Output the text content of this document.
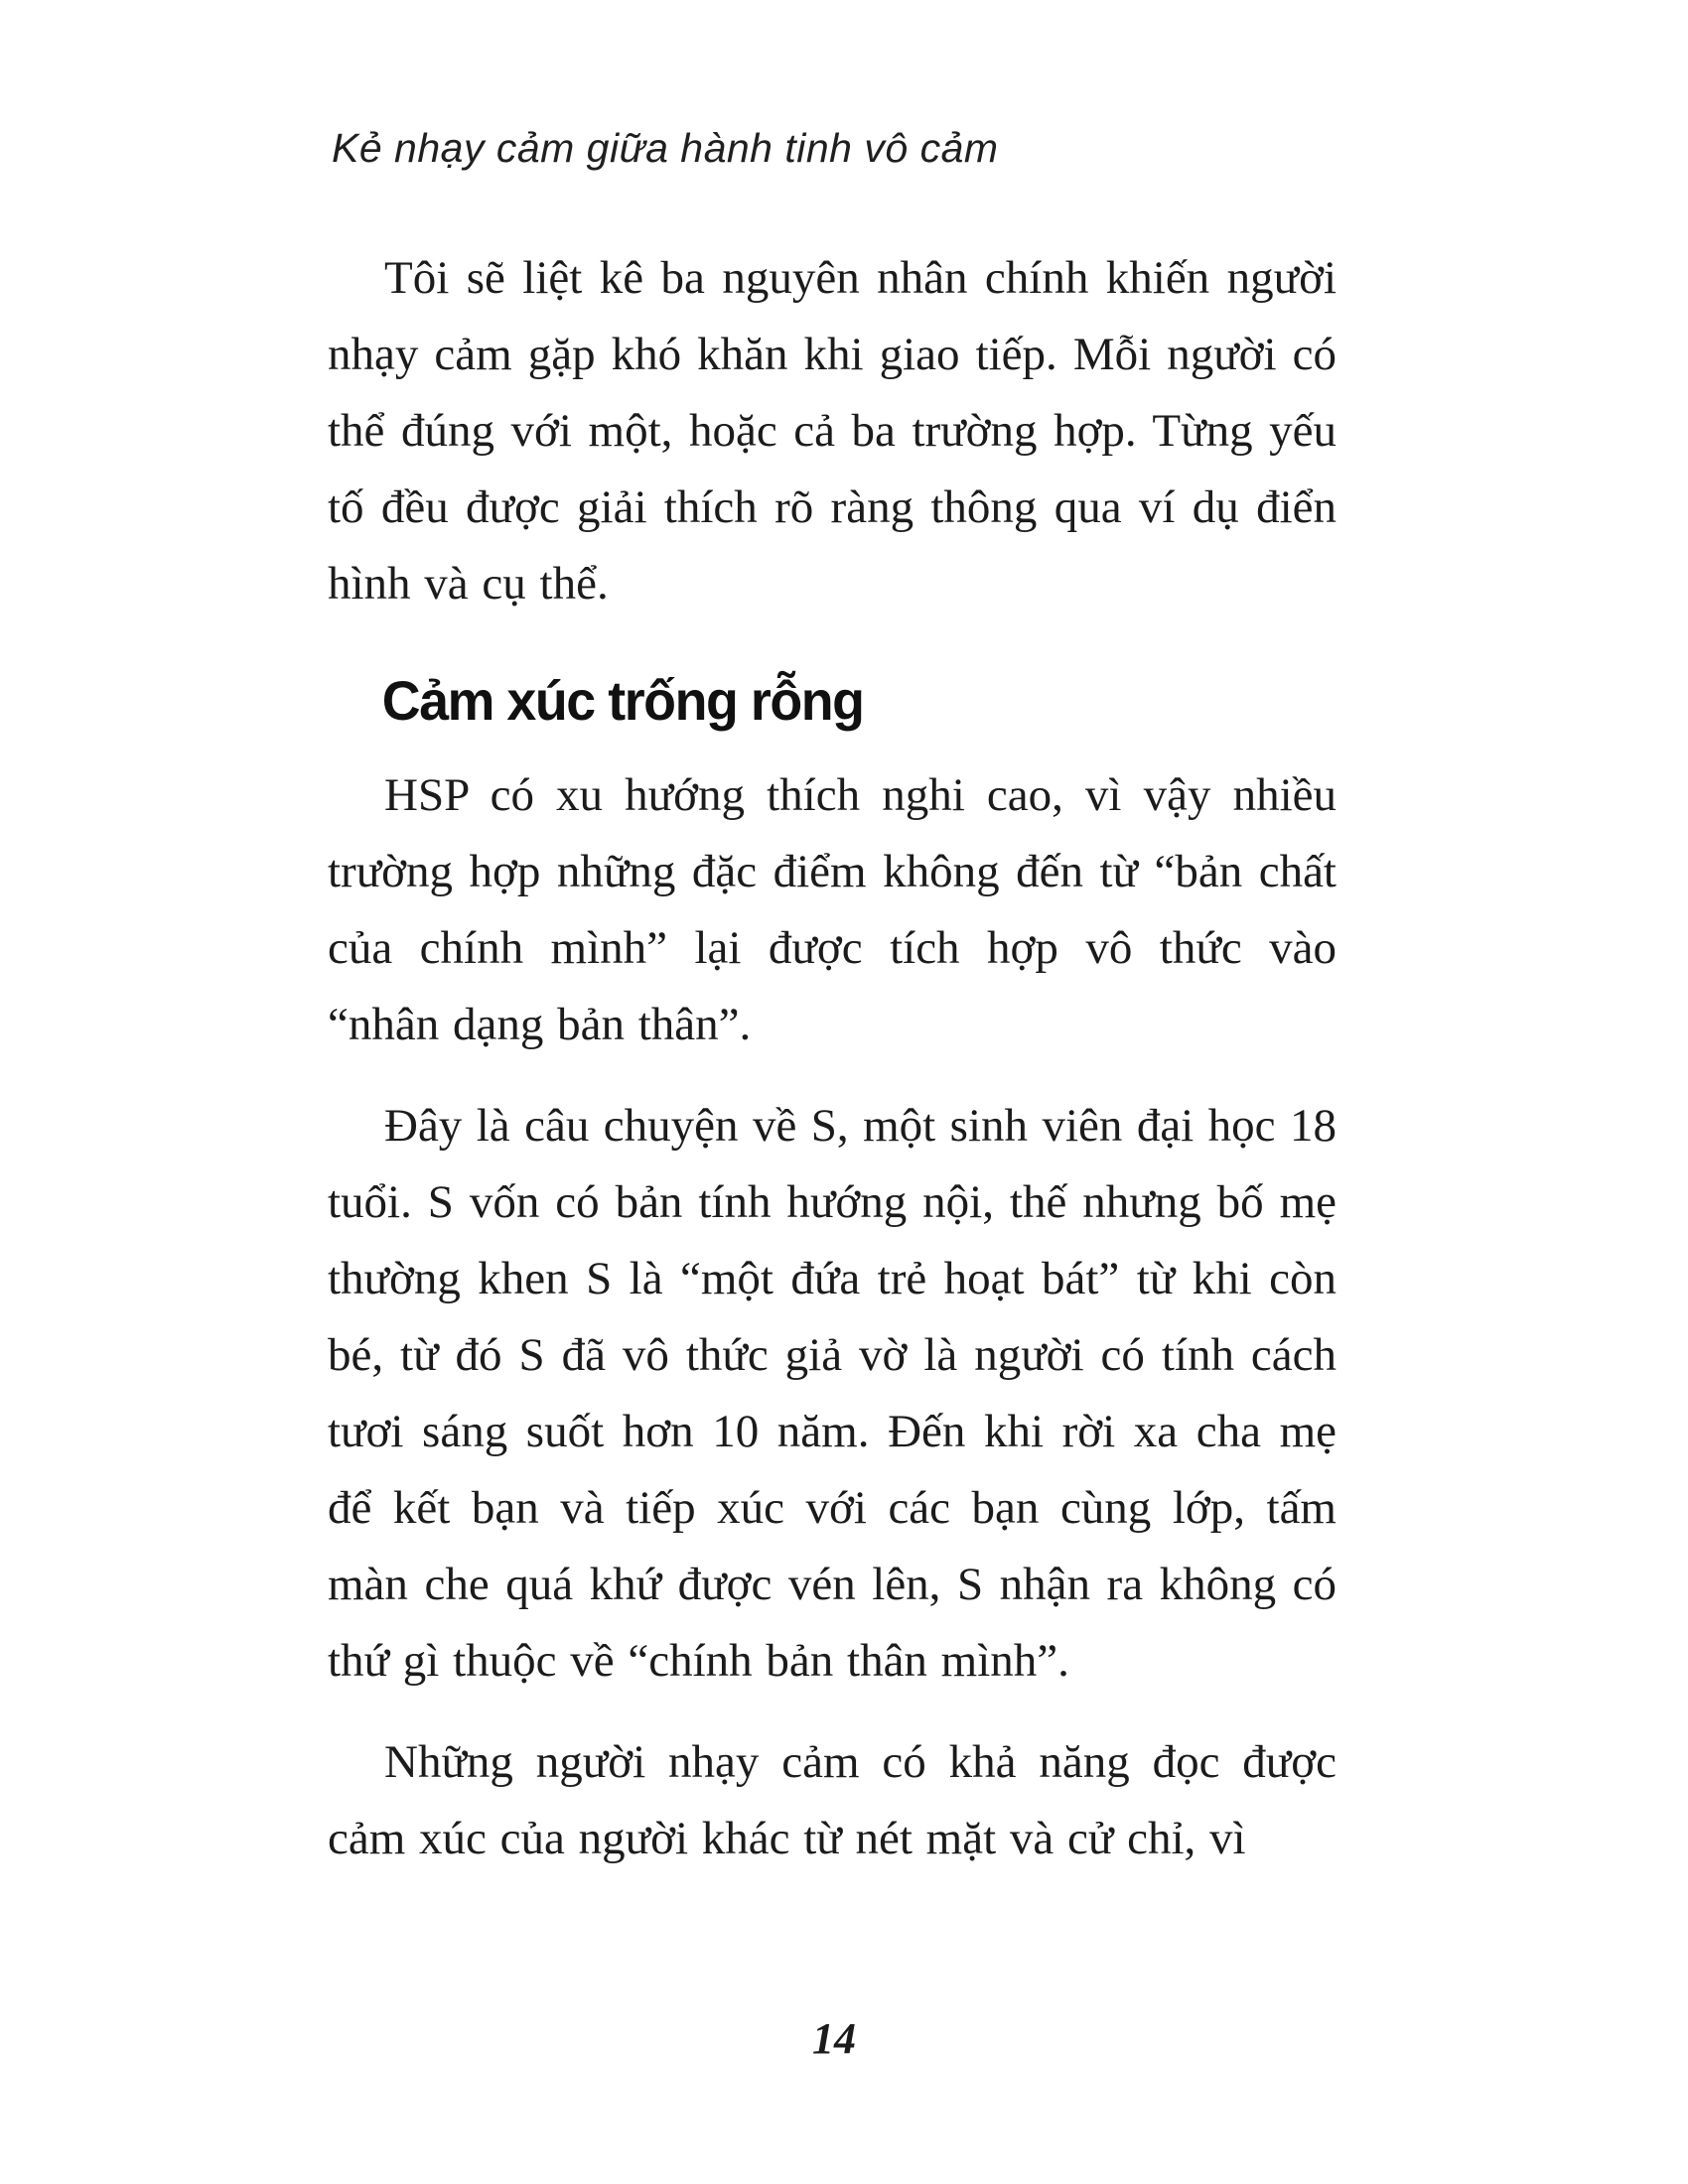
Kẻ nhạy cảm giữa hành tinh vô cảm

Tôi sẽ liệt kê ba nguyên nhân chính khiến người nhạy cảm gặp khó khăn khi giao tiếp. Mỗi người có thể đúng với một, hoặc cả ba trường hợp. Từng yếu tố đều được giải thích rõ ràng thông qua ví dụ điển hình và cụ thể.

Cảm xúc trống rỗng

HSP có xu hướng thích nghi cao, vì vậy nhiều trường hợp những đặc điểm không đến từ “bản chất của chính mình” lại được tích hợp vô thức vào “nhân dạng bản thân”.

Đây là câu chuyện về S, một sinh viên đại học 18 tuổi. S vốn có bản tính hướng nội, thế nhưng bố mẹ thường khen S là “một đứa trẻ hoạt bát” từ khi còn bé, từ đó S đã vô thức giả vờ là người có tính cách tươi sáng suốt hơn 10 năm. Đến khi rời xa cha mẹ để kết bạn và tiếp xúc với các bạn cùng lớp, tấm màn che quá khứ được vén lên, S nhận ra không có thứ gì thuộc về “chính bản thân mình”.

Những người nhạy cảm có khả năng đọc được cảm xúc của người khác từ nét mặt và cử chỉ, vì

14
